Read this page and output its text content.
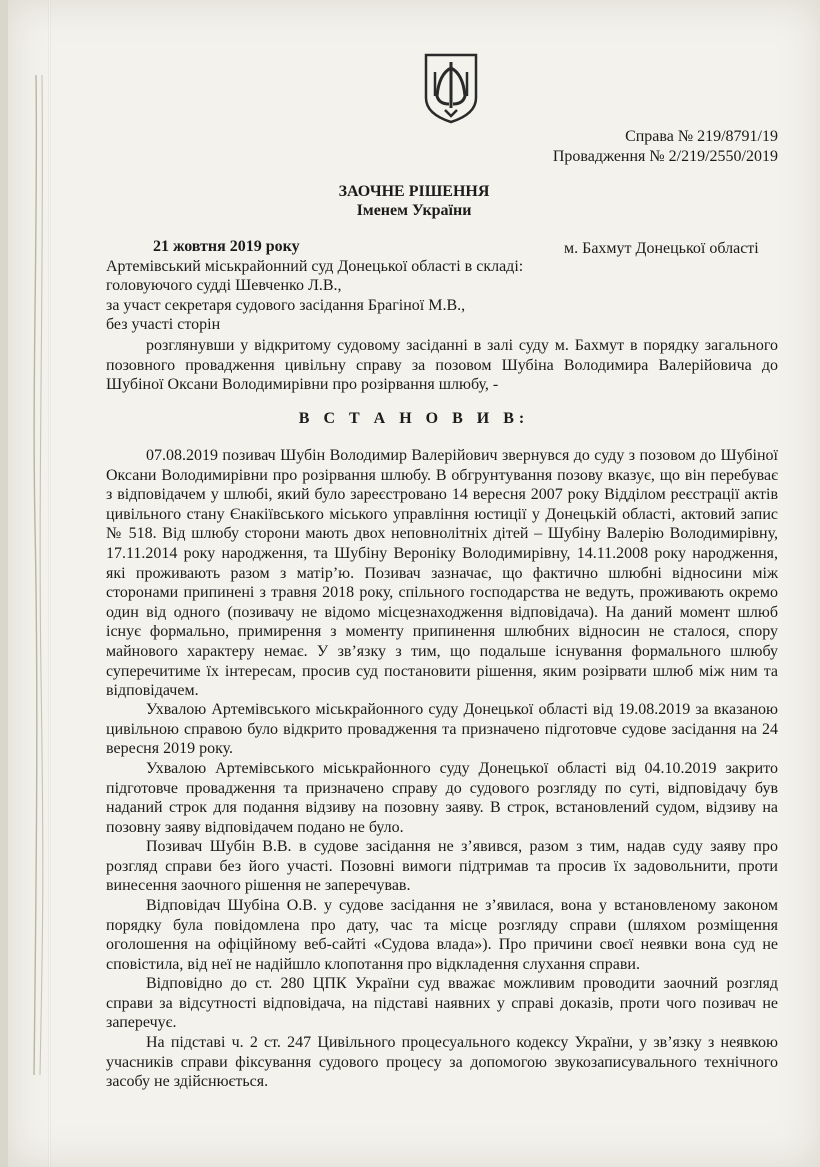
Справа № 219/8791/19
Провадження № 2/219/2550/2019
ЗАОЧНЕ РІШЕННЯ
Іменем України
21 жовтня 2019 року	м. Бахмут Донецької області
Артемівський міськрайонний суд Донецької області в складі:
головуючого судді Шевченко Л.В.,
за участ секретаря судового засідання Брагіної М.В.,
без участі сторін

розглянувши у відкритому судовому засіданні в залі суду м. Бахмут в порядку загального позовного провадження цивільну справу за позовом Шубіна Володимира Валерійовича до Шубіної Оксани Володимирівни про розірвання шлюбу, -

В С Т А Н О В И В:

07.08.2019 позивач Шубін Володимир Валерійович звернувся до суду з позовом до Шубіної Оксани Володимирівни про розірвання шлюбу. В обгрунтування позову вказує, що він перебуває з відповідачем у шлюбі, який було зареєстровано 14 вересня 2007 року Відділом реєстрації актів цивільного стану Єнакіївського міського управління юстиції у Донецькій області, актовий запис № 518. Від шлюбу сторони мають двох неповнолітніх дітей – Шубіну Валерію Володимирівну, 17.11.2014 року народження, та Шубіну Вероніку Володимирівну, 14.11.2008 року народження, які проживають разом з матір’ю. Позивач зазначає, що фактично шлюбні відносини між сторонами припинені з травня 2018 року, спільного господарства не ведуть, проживають окремо один від одного (позивачу не відомо місцезнаходження відповідача). На даний момент шлюб існує формально, примирення з моменту припинення шлюбних відносин не сталося, спору майнового характеру немає. У зв’язку з тим, що подальше існування формального шлюбу суперечитиме їх інтересам, просив суд постановити рішення, яким розірвати шлюб між ним та відповідачем.

Ухвалою Артемівського міськрайонного суду Донецької області від 19.08.2019 за вказаною цивільною справою було відкрито провадження та призначено підготовче судове засідання на 24 вересня 2019 року.

Ухвалою Артемівського міськрайонного суду Донецької області від 04.10.2019 закрито підготовче провадження та призначено справу до судового розгляду по суті, відповідачу був наданий строк для подання відзиву на позовну заяву. В строк, встановлений судом, відзиву на позовну заяву відповідачем подано не було.

Позивач Шубін В.В. в судове засідання не з’явився, разом з тим, надав суду заяву про розгляд справи без його участі. Позовні вимоги підтримав та просив їх задовольнити, проти винесення заочного рішення не заперечував.

Відповідач Шубіна О.В. у судове засідання не з’явилася, вона у встановленому законом порядку була повідомлена про дату, час та місце розгляду справи (шляхом розміщення оголошення на офіційному веб-сайті «Судова влада»). Про причини своєї неявки вона суд не сповістила, від неї не надійшло клопотання про відкладення слухання справи.

Відповідно до ст. 280 ЦПК України суд вважає можливим проводити заочний розгляд справи за відсутності відповідача, на підставі наявних у справі доказів, проти чого позивач не заперечує.

На підставі ч. 2 ст. 247 Цивільного процесуального кодексу України, у зв’язку з неявкою учасників справи фіксування судового процесу за допомогою звукозаписувального технічного засобу не здійснюється.
